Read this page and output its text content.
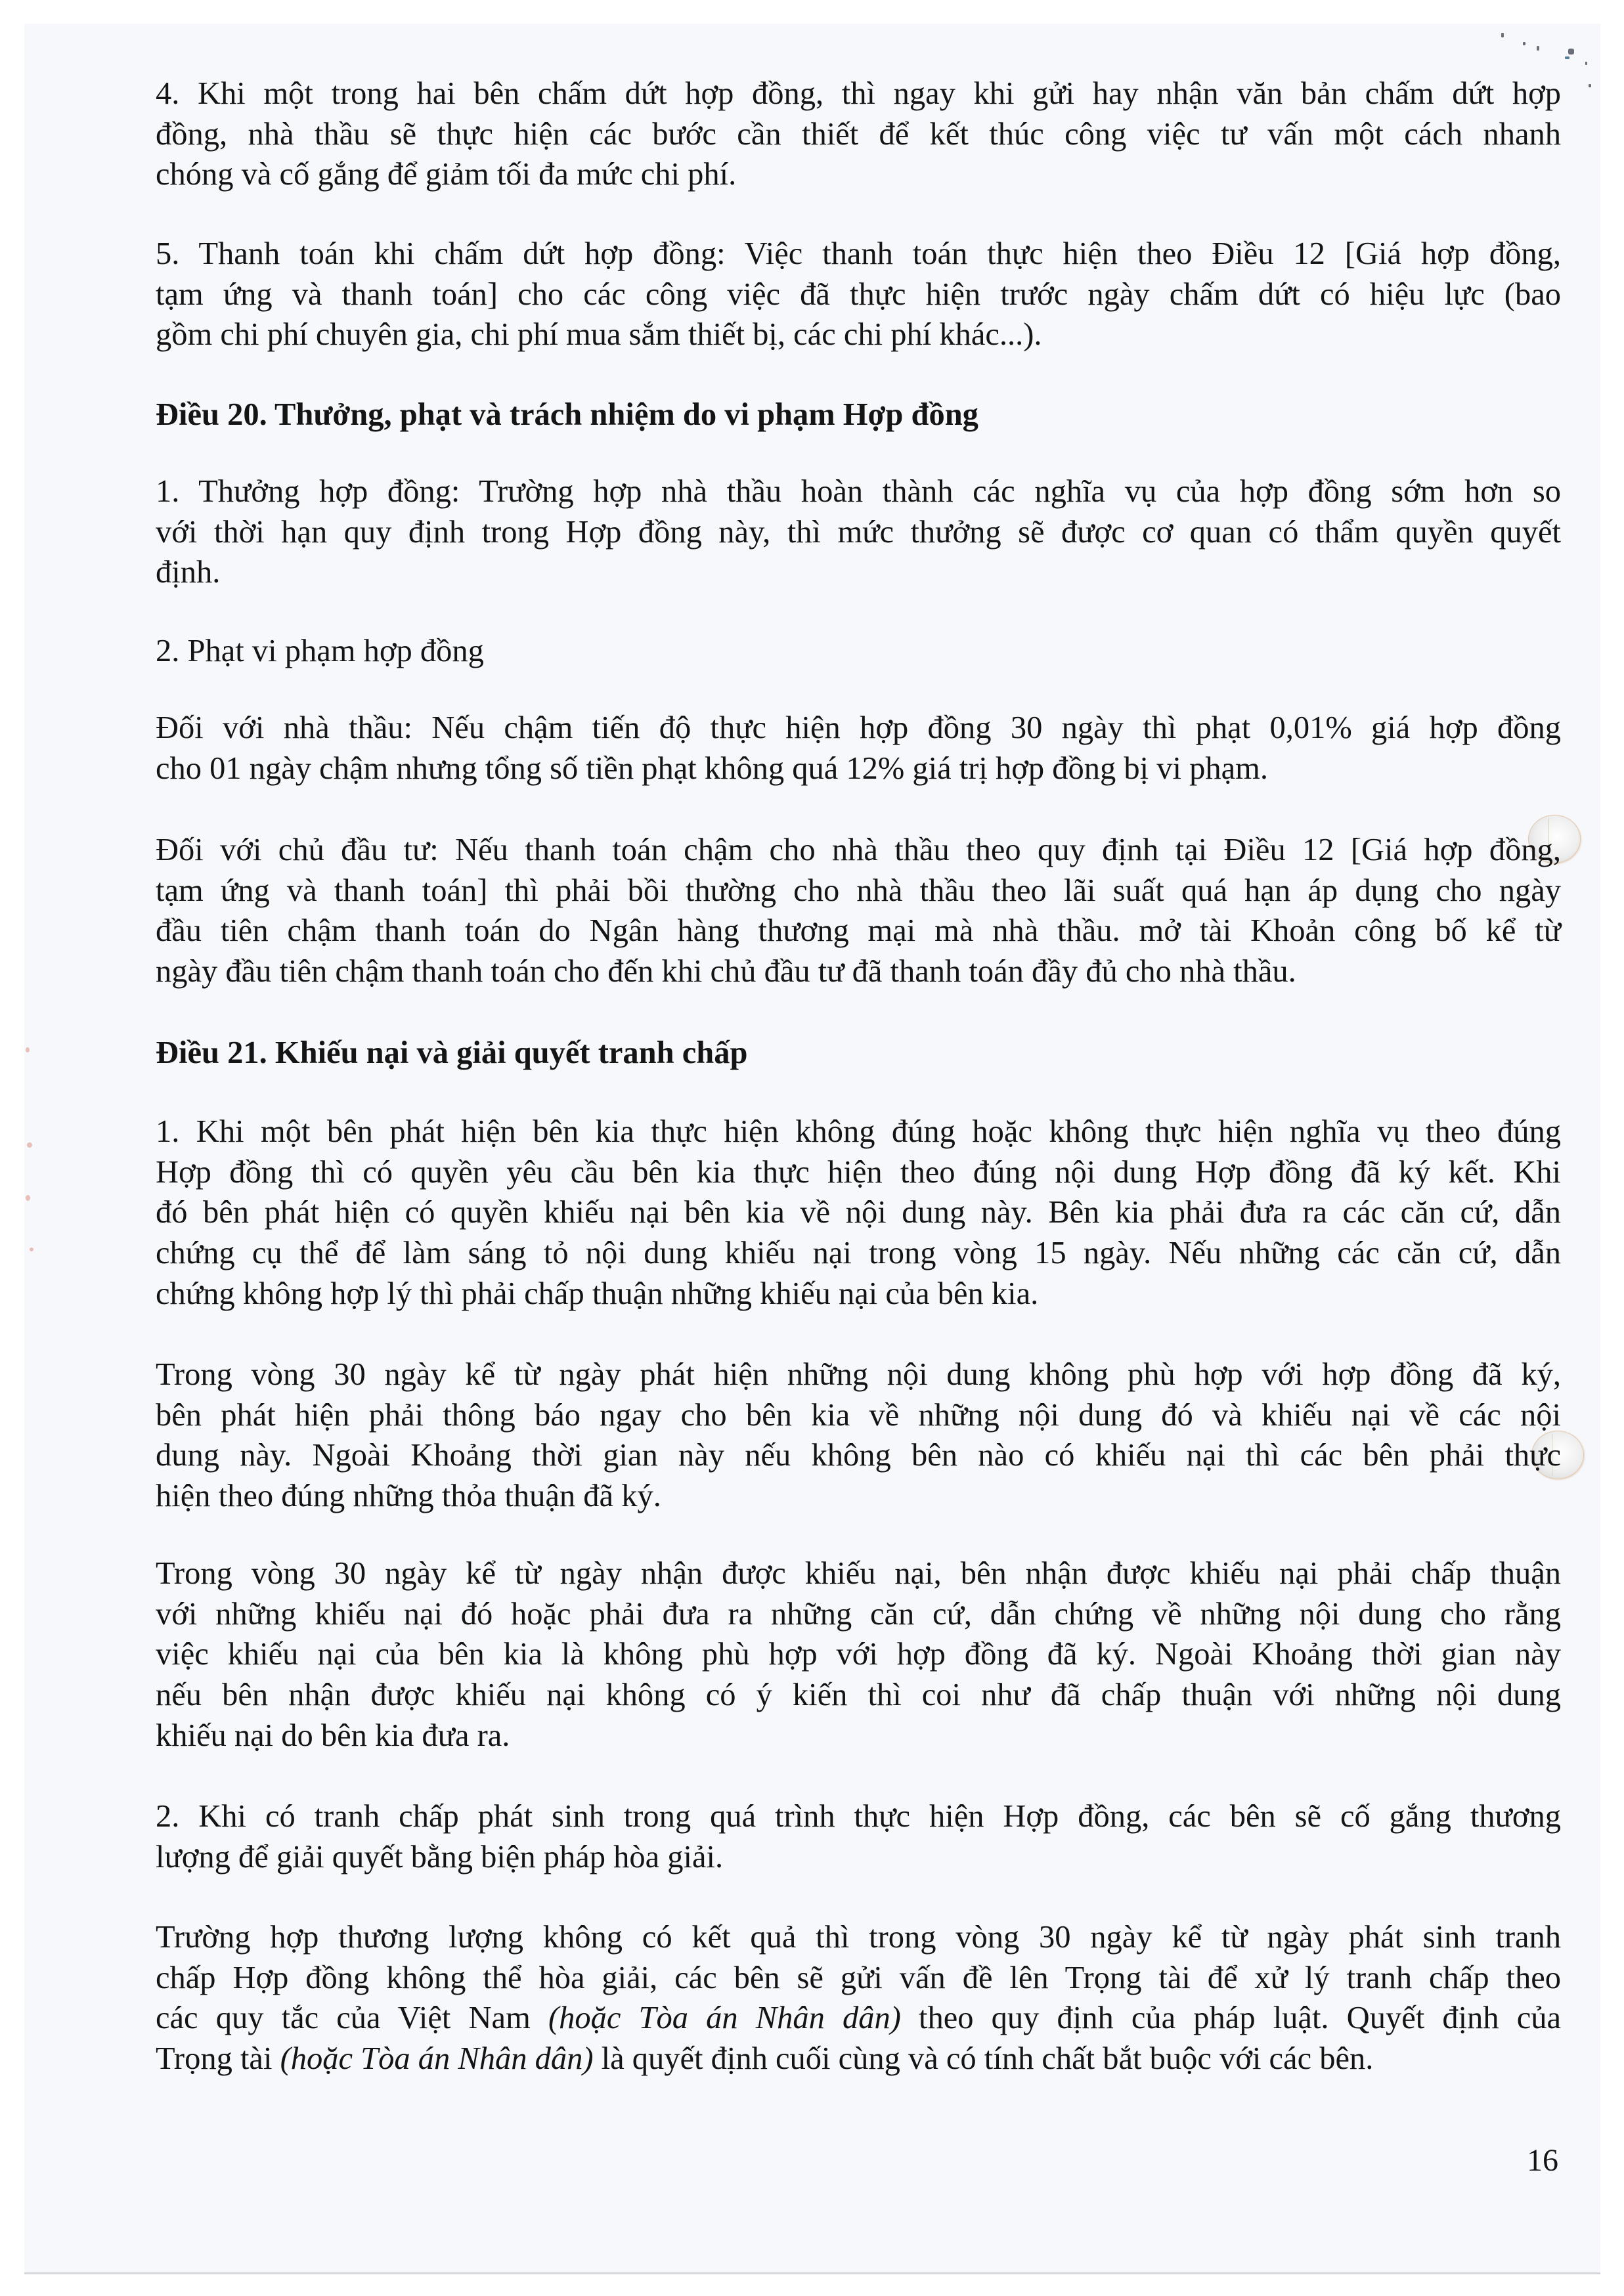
4. Khi một trong hai bên chấm dứt hợp đồng, thì ngay khi gửi hay nhận văn bản chấm dứt hợp
đồng, nhà thầu sẽ thực hiện các bước cần thiết để kết thúc công việc tư vấn một cách nhanh
chóng và cố gắng để giảm tối đa mức chi phí.
5. Thanh toán khi chấm dứt hợp đồng: Việc thanh toán thực hiện theo Điều 12 [Giá hợp đồng,
tạm ứng và thanh toán] cho các công việc đã thực hiện trước ngày chấm dứt có hiệu lực (bao
gồm chi phí chuyên gia, chi phí mua sắm thiết bị, các chi phí khác...).
Điều 20. Thưởng, phạt và trách nhiệm do vi phạm Hợp đồng
1. Thưởng hợp đồng: Trường hợp nhà thầu hoàn thành các nghĩa vụ của hợp đồng sớm hơn so
với thời hạn quy định trong Hợp đồng này, thì mức thưởng sẽ được cơ quan có thẩm quyền quyết
định.
2. Phạt vi phạm hợp đồng
Đối với nhà thầu: Nếu chậm tiến độ thực hiện hợp đồng 30 ngày thì phạt 0,01% giá hợp đồng
cho 01 ngày chậm nhưng tổng số tiền phạt không quá 12% giá trị hợp đồng bị vi phạm.
Đối với chủ đầu tư: Nếu thanh toán chậm cho nhà thầu theo quy định tại Điều 12 [Giá hợp đồng,
tạm ứng và thanh toán] thì phải bồi thường cho nhà thầu theo lãi suất quá hạn áp dụng cho ngày
đầu tiên chậm thanh toán do Ngân hàng thương mại mà nhà thầu. mở tài Khoản công bố kể từ
ngày đầu tiên chậm thanh toán cho đến khi chủ đầu tư đã thanh toán đầy đủ cho nhà thầu.
Điều 21. Khiếu nại và giải quyết tranh chấp
1. Khi một bên phát hiện bên kia thực hiện không đúng hoặc không thực hiện nghĩa vụ theo đúng
Hợp đồng thì có quyền yêu cầu bên kia thực hiện theo đúng nội dung Hợp đồng đã ký kết. Khi
đó bên phát hiện có quyền khiếu nại bên kia về nội dung này. Bên kia phải đưa ra các căn cứ, dẫn
chứng cụ thể để làm sáng tỏ nội dung khiếu nại trong vòng 15 ngày. Nếu những các căn cứ, dẫn
chứng không hợp lý thì phải chấp thuận những khiếu nại của bên kia.
Trong vòng 30 ngày kể từ ngày phát hiện những nội dung không phù hợp với hợp đồng đã ký,
bên phát hiện phải thông báo ngay cho bên kia về những nội dung đó và khiếu nại về các nội
dung này. Ngoài Khoảng thời gian này nếu không bên nào có khiếu nại thì các bên phải thực
hiện theo đúng những thỏa thuận đã ký.
Trong vòng 30 ngày kể từ ngày nhận được khiếu nại, bên nhận được khiếu nại phải chấp thuận
với những khiếu nại đó hoặc phải đưa ra những căn cứ, dẫn chứng về những nội dung cho rằng
việc khiếu nại của bên kia là không phù hợp với hợp đồng đã ký. Ngoài Khoảng thời gian này
nếu bên nhận được khiếu nại không có ý kiến thì coi như đã chấp thuận với những nội dung
khiếu nại do bên kia đưa ra.
2. Khi có tranh chấp phát sinh trong quá trình thực hiện Hợp đồng, các bên sẽ cố gắng thương
lượng để giải quyết bằng biện pháp hòa giải.
Trường hợp thương lượng không có kết quả thì trong vòng 30 ngày kể từ ngày phát sinh tranh
chấp Hợp đồng không thể hòa giải, các bên sẽ gửi vấn đề lên Trọng tài để xử lý tranh chấp theo
các quy tắc của Việt Nam (hoặc Tòa án Nhân dân) theo quy định của pháp luật. Quyết định của
Trọng tài (hoặc Tòa án Nhân dân) là quyết định cuối cùng và có tính chất bắt buộc với các bên.
16
